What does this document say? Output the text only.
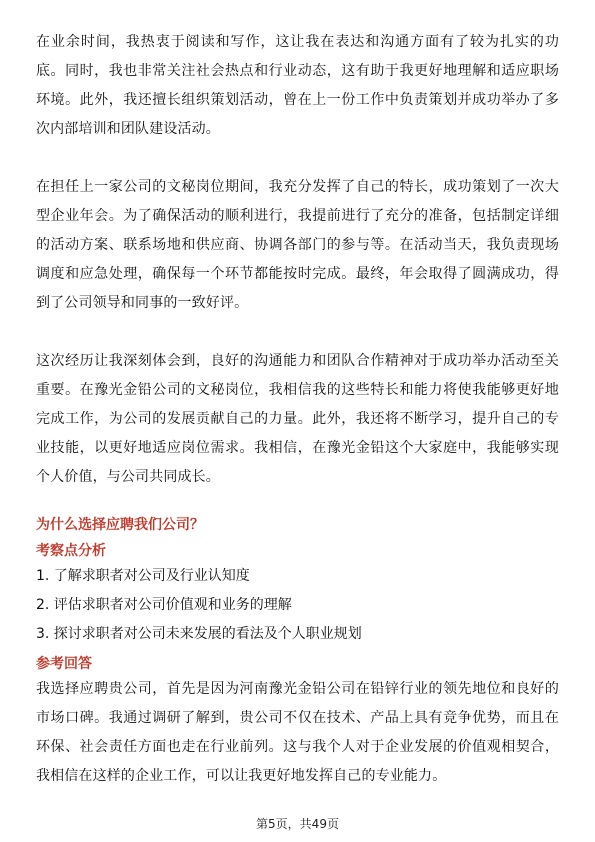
在业余时间，我热衷于阅读和写作，这让我在表达和沟通方面有了较为扎实的功底。同时，我也非常关注社会热点和行业动态，这有助于我更好地理解和适应职场环境。此外，我还擅长组织策划活动，曾在上一份工作中负责策划并成功举办了多次内部培训和团队建设活动。

在担任上一家公司的文秘岗位期间，我充分发挥了自己的特长，成功策划了一次大型企业年会。为了确保活动的顺利进行，我提前进行了充分的准备，包括制定详细的活动方案、联系场地和供应商、协调各部门的参与等。在活动当天，我负责现场调度和应急处理，确保每一个环节都能按时完成。最终，年会取得了圆满成功，得到了公司领导和同事的一致好评。

这次经历让我深刻体会到，良好的沟通能力和团队合作精神对于成功举办活动至关重要。在豫光金铅公司的文秘岗位，我相信我的这些特长和能力将使我能够更好地完成工作，为公司的发展贡献自己的力量。此外，我还将不断学习，提升自己的专业技能，以更好地适应岗位需求。我相信，在豫光金铅这个大家庭中，我能够实现个人价值，与公司共同成长。

为什么选择应聘我们公司？
考察点分析
1. 了解求职者对公司及行业认知度
2. 评估求职者对公司价值观和业务的理解
3. 探讨求职者对公司未来发展的看法及个人职业规划
参考回答

我选择应聘贵公司，首先是因为河南豫光金铅公司在铅锌行业的领先地位和良好的市场口碑。我通过调研了解到，贵公司不仅在技术、产品上具有竞争优势，而且在环保、社会责任方面也走在行业前列。这与我个人对于企业发展的价值观相契合，我相信在这样的企业工作，可以让我更好地发挥自己的专业能力。

第5页，共49页
